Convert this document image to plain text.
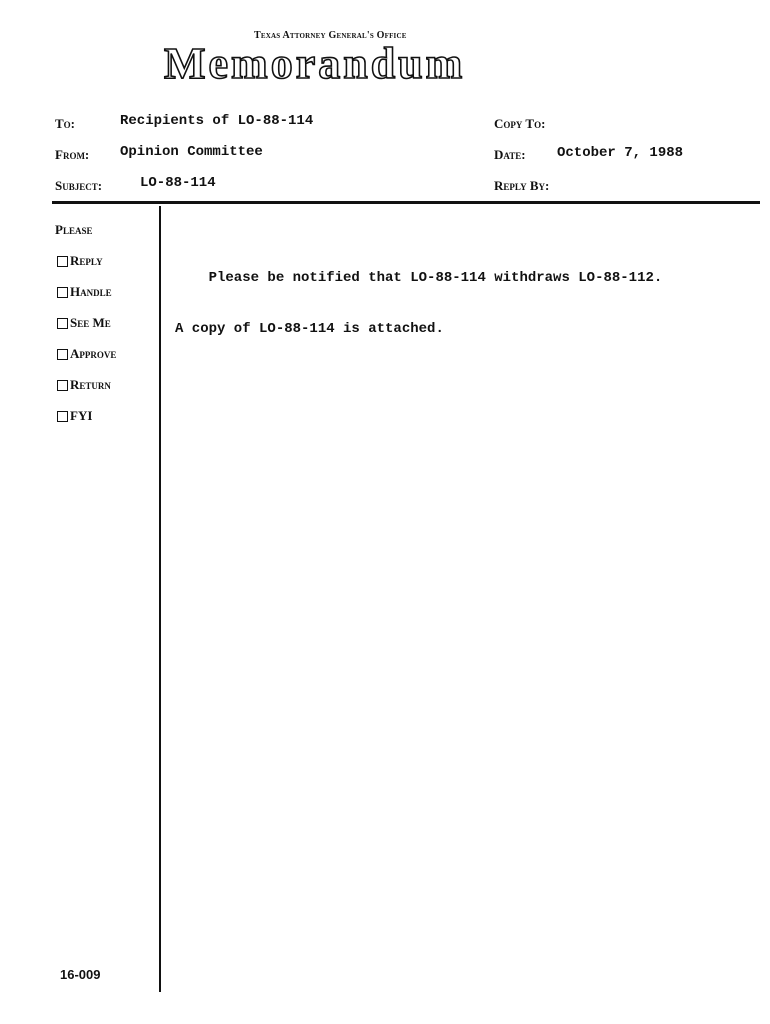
Texas Attorney General's Office
Memorandum
To:	Recipients of LO-88-114
From: Opinion Committee
Subject:	LO-88-114
Copy To:
Date: October 7, 1988
Reply By:
Please
Reply
Handle
See Me
Approve
Return
FYI

Please be notified that LO-88-114 withdraws LO-88-112.

A copy of LO-88-114 is attached.

16-009
